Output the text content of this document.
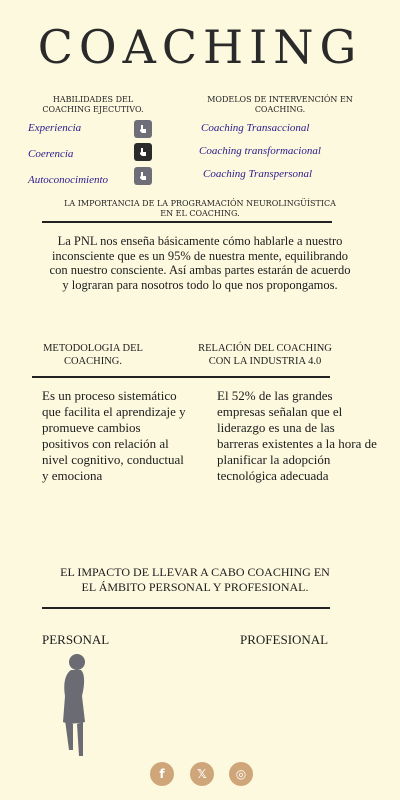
COACHING
HABILIDADES DEL COACHING EJECUTIVO.
MODELOS DE INTERVENCIÓN EN COACHING.
Experiencia
Coerencia
Autoconocimiento
Coaching Transaccional
Coaching transformacional
Coaching Transpersonal
LA IMPORTANCIA DE LA PROGRAMACIÓN NEUROLINGÜÍSTICA EN EL COACHING.
La PNL nos enseña básicamente cómo hablarle a nuestro inconsciente que es un 95% de nuestra mente, equilibrando con nuestro consciente. Así ambas partes estarán de acuerdo y lograran para nosotros todo lo que nos propongamos.
METODOLOGIA DEL COACHING.
RELACIÓN DEL COACHING CON LA INDUSTRIA 4.0
Es un proceso sistemático que facilita el aprendizaje y promueve cambios positivos con relación al nivel cognitivo, conductual y emociona
El 52% de las grandes empresas señalan que el liderazgo es una de las barreras existentes a la hora de planificar la adopción tecnológica adecuada
EL IMPACTO DE LLEVAR A CABO COACHING EN EL ÁMBITO PERSONAL Y PROFESIONAL.
PERSONAL	PROFESIONAL
f	𝕏	◎
